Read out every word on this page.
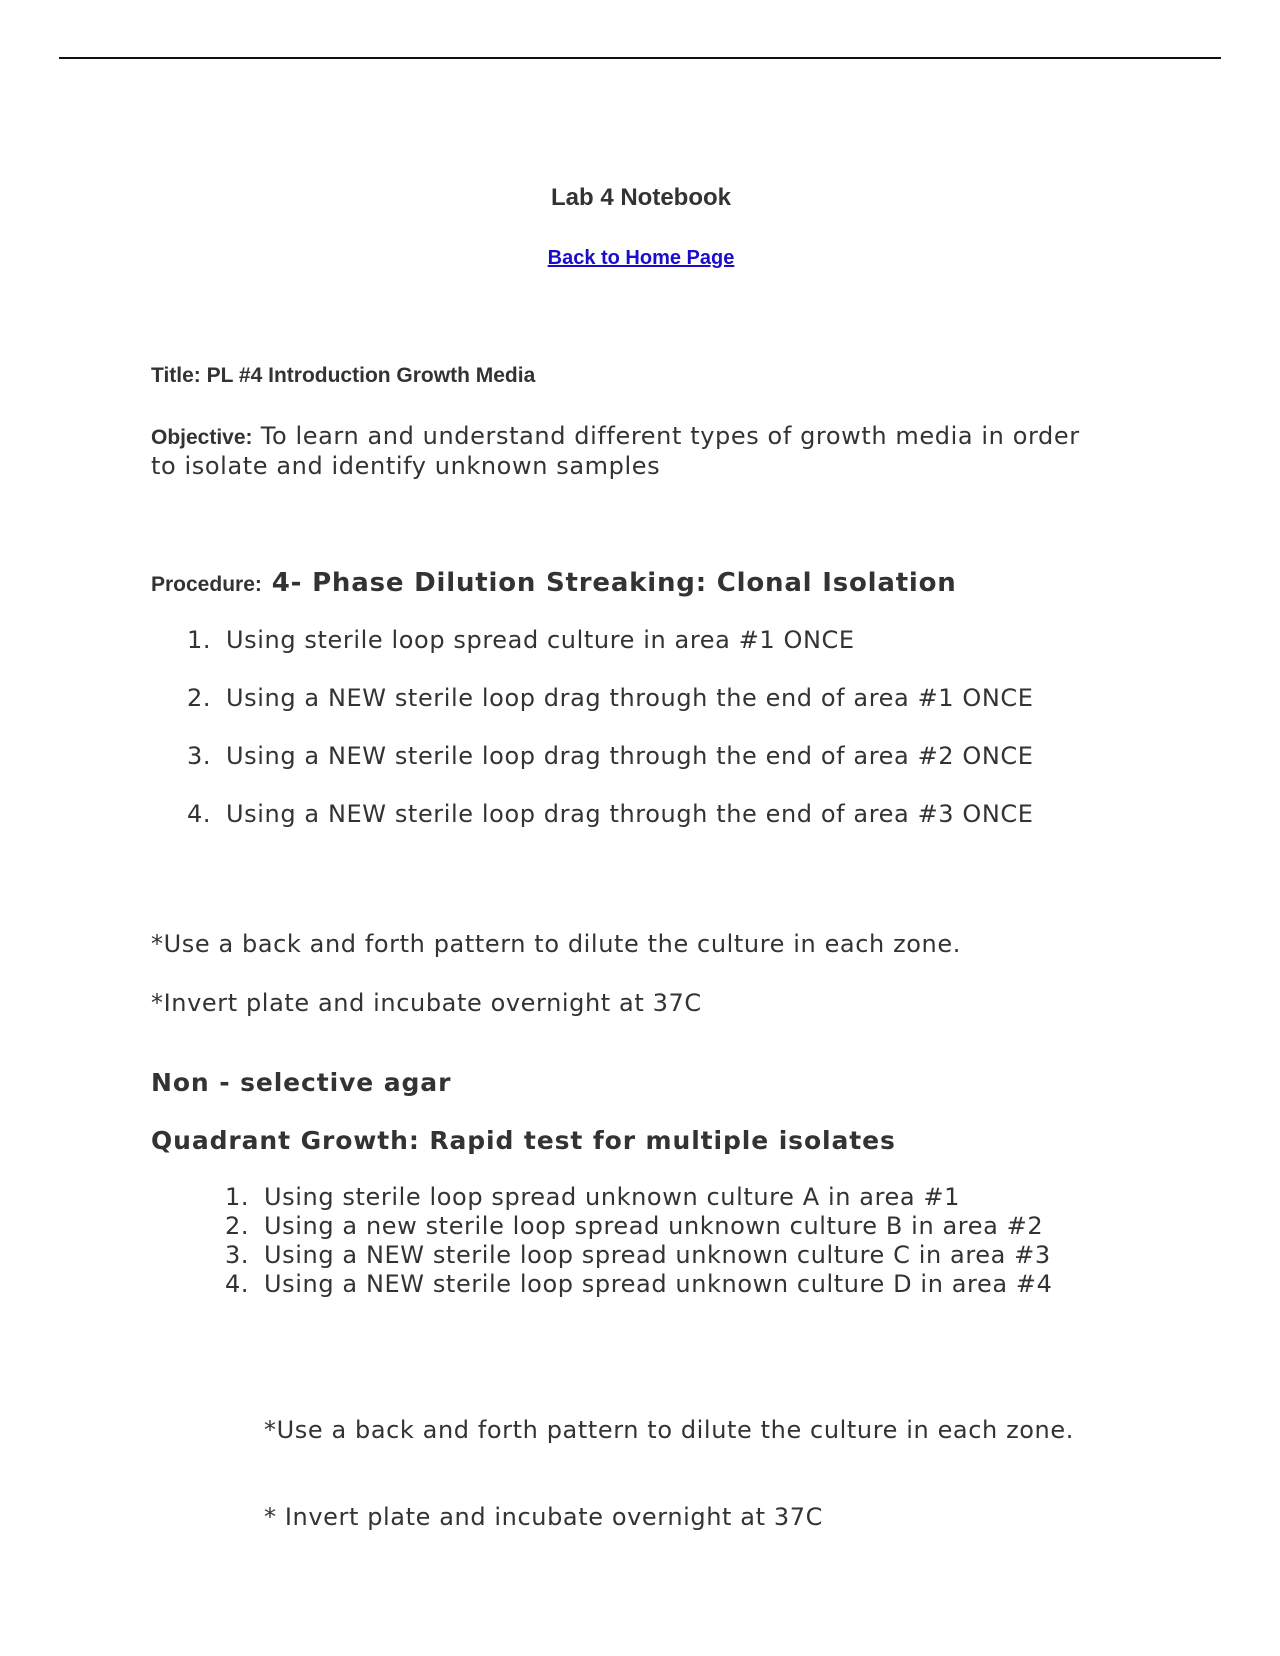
Lab 4 Notebook
Back to Home Page
Title: PL #4 Introduction Growth Media
Objective: To learn and understand different types of growth media in order to isolate and identify unknown samples
Procedure: 4- Phase Dilution Streaking: Clonal Isolation
1. Using sterile loop spread culture in area #1 ONCE
2. Using a NEW sterile loop drag through the end of area #1 ONCE
3. Using a NEW sterile loop drag through the end of area #2 ONCE
4. Using a NEW sterile loop drag through the end of area #3 ONCE
*Use a back and forth pattern to dilute the culture in each zone.
*Invert plate and incubate overnight at 37C
Non - selective agar
Quadrant Growth: Rapid test for multiple isolates
1. Using sterile loop spread unknown culture A in area #1
2. Using a new sterile loop spread unknown culture B in area #2
3. Using a NEW sterile loop spread unknown culture C in area #3
4. Using a NEW sterile loop spread unknown culture D in area #4
*Use a back and forth pattern to dilute the culture in each zone.
* Invert plate and incubate overnight at 37C
